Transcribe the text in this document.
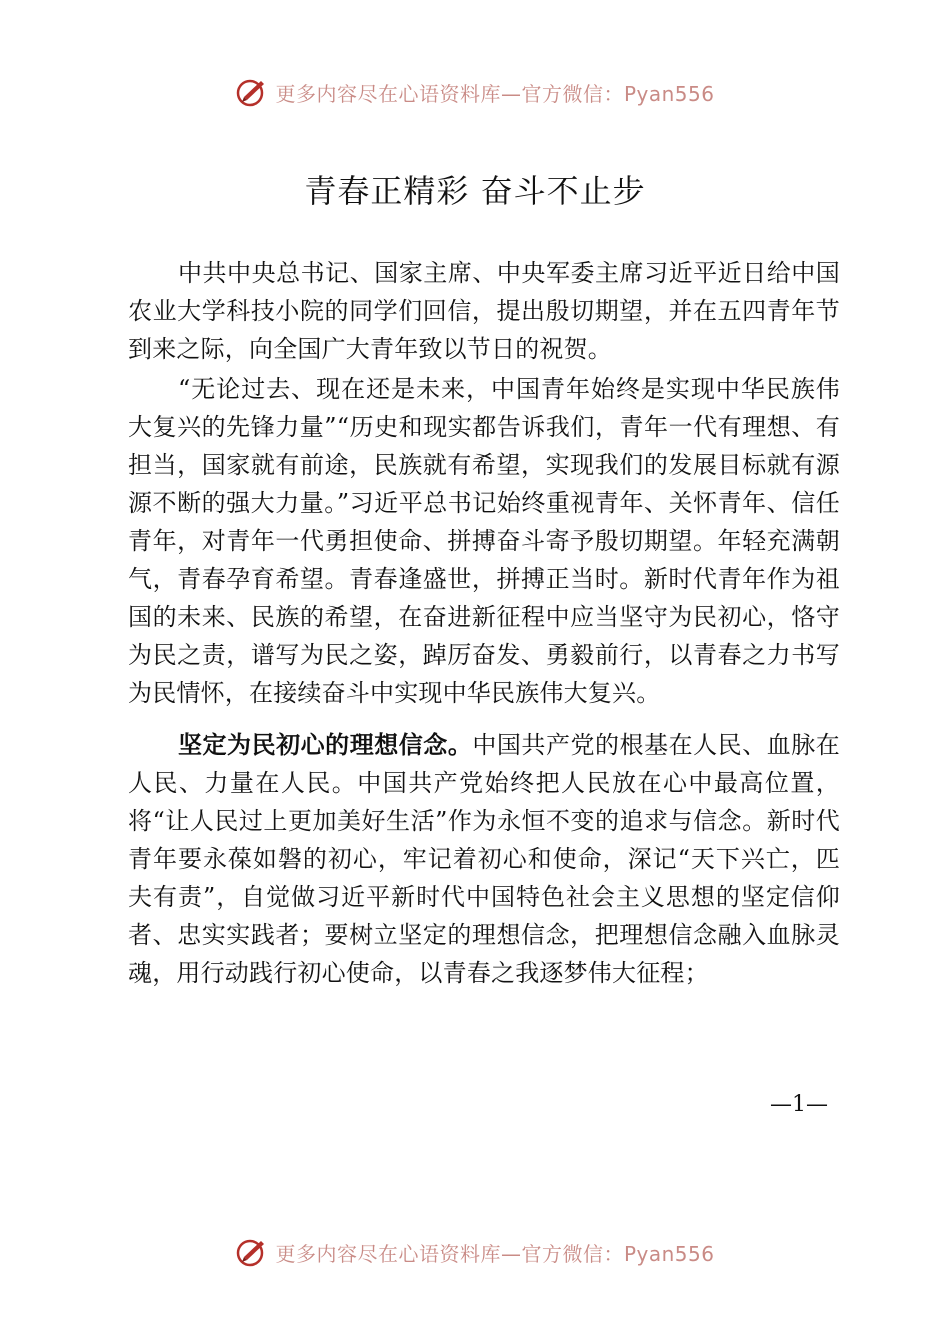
更多内容尽在心语资料库—官方微信：Pyan556
青春正精彩 奋斗不止步

中共中央总书记、国家主席、中央军委主席习近平近日给中国农业大学科技小院的同学们回信，提出殷切期望，并在五四青年节到来之际，向全国广大青年致以节日的祝贺。

“无论过去、现在还是未来，中国青年始终是实现中华民族伟大复兴的先锋力量”“历史和现实都告诉我们，青年一代有理想、有担当，国家就有前途，民族就有希望，实现我们的发展目标就有源源不断的强大力量。”习近平总书记始终重视青年、关怀青年、信任青年，对青年一代勇担使命、拼搏奋斗寄予殷切期望。年轻充满朝气，青春孕育希望。青春逢盛世，拼搏正当时。新时代青年作为祖国的未来、民族的希望，在奋进新征程中应当坚守为民初心，恪守为民之责，谱写为民之姿，踔厉奋发、勇毅前行，以青春之力书写为民情怀，在接续奋斗中实现中华民族伟大复兴。

坚定为民初心的理想信念。中国共产党的根基在人民、血脉在人民、力量在人民。中国共产党始终把人民放在心中最高位置，将“让人民过上更加美好生活”作为永恒不变的追求与信念。新时代青年要永葆如磐的初心，牢记着初心和使命，深记“天下兴亡，匹夫有责”，自觉做习近平新时代中国特色社会主义思想的坚定信仰者、忠实实践者；要树立坚定的理想信念，把理想信念融入血脉灵魂，用行动践行初心使命，以青春之我逐梦伟大征程；

—1—
更多内容尽在心语资料库—官方微信：Pyan556
